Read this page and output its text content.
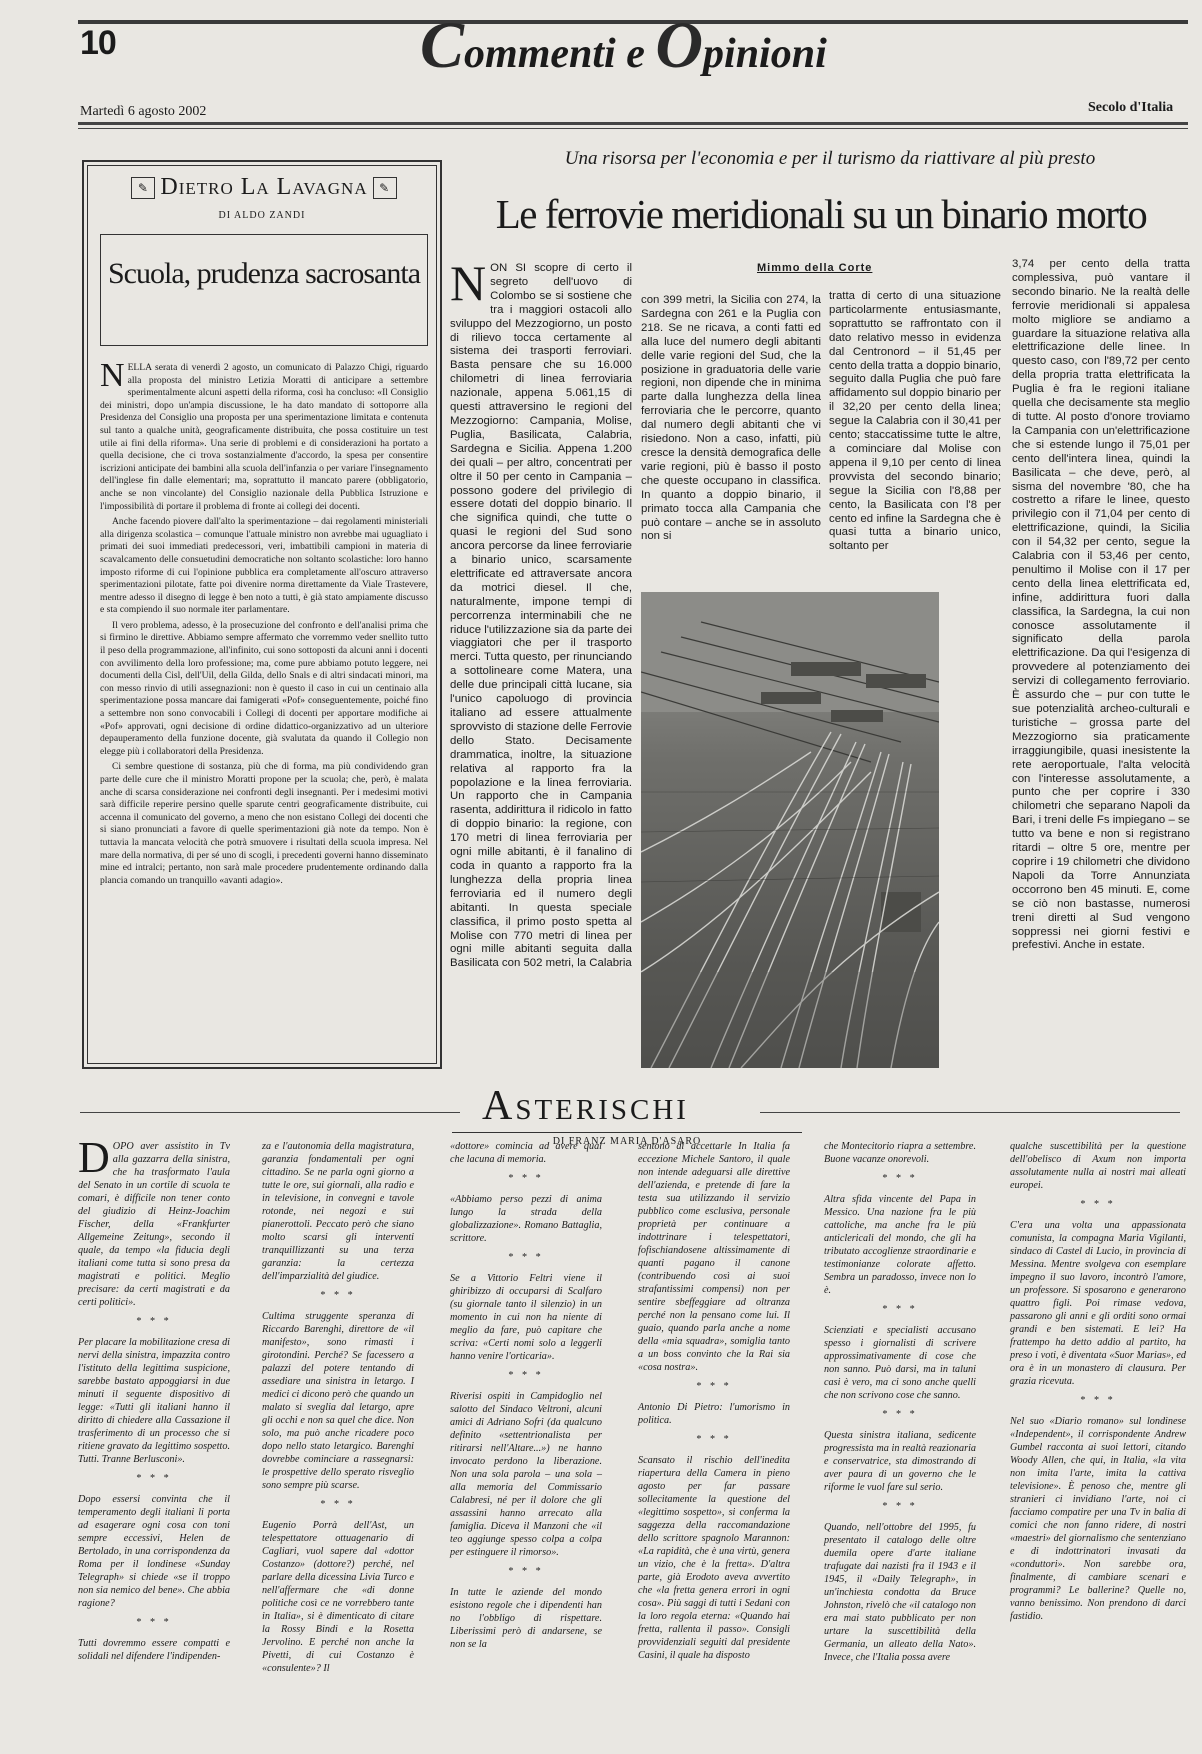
10	Commenti e Opinioni
Martedì 6 agosto 2002	Secolo d'Italia
✎ Dietro La Lavagna ✎
DI ALDO ZANDI
Scuola, prudenza sacrosanta

NELLA serata di venerdì 2 agosto, un comunicato di Palazzo Chigi, riguardo alla proposta del ministro Letizia Moratti di anticipare a settembre sperimentalmente alcuni aspetti della riforma, così ha concluso: «Il Consiglio dei ministri, dopo un'ampia discussione, le ha dato mandato di sottoporre alla Presidenza del Consiglio una proposta per una sperimentazione limitata e contenuta sul tanto a qualche unità, geograficamente distribuita, che possa costituire un test utile ai fini della riforma». Una serie di problemi e di considerazioni ha portato a quella decisione, che ci trova sostanzialmente d'accordo, la spesa per consentire iscrizioni anticipate dei bambini alla scuola dell'infanzia o per variare l'insegnamento dell'inglese fin dalle elementari; ma, soprattutto il mancato parere (obbligatorio, anche se non vincolante) del Consiglio nazionale della Pubblica Istruzione e l'impossibilità di portare il problema di fronte ai collegi dei docenti.

Anche facendo piovere dall'alto la sperimentazione – dai regolamenti ministeriali alla dirigenza scolastica – comunque l'attuale ministro non avrebbe mai uguagliato i primati dei suoi immediati predecessori, veri, imbattibili campioni in materia di scavalcamento delle consuetudini democratiche non soltanto scolastiche: loro hanno imposto riforme di cui l'opinione pubblica era completamente all'oscuro attraverso sperimentazioni pilotate, fatte poi divenire norma direttamente da Viale Trastevere, mentre adesso il disegno di legge è ben noto a tutti, è già stato ampiamente discusso e sta compiendo il suo normale iter parlamentare.

Il vero problema, adesso, è la prosecuzione del confronto e dell'analisi prima che si firmino le direttive. Abbiamo sempre affermato che vorremmo veder snellito tutto il peso della programmazione, all'infinito, cui sono sottoposti da alcuni anni i docenti con avvilimento della loro professione; ma, come pure abbiamo potuto leggere, nei documenti della Cisl, dell'Uil, della Gilda, dello Snals e di altri sindacati minori, ma con messo rinvio di utili assegnazioni: non è questo il caso in cui un centinaio alla sperimentazione possa mancare dai famigerati «Pof» conseguentemente, poiché fino a settembre non sono convocabili i Collegi di docenti per apportare modifiche ai «Pof» approvati, ogni decisione di ordine didattico-organizzativo ad un ulteriore depauperamento della funzione docente, già svalutata da quando il Collegio non elegge più i collaboratori della Presidenza.

Ci sembre questione di sostanza, più che di forma, ma più condividendo gran parte delle cure che il ministro Moratti propone per la scuola; che, però, è malata anche di scarsa considerazione nei confronti degli insegnanti. Per i medesimi motivi sarà difficile reperire persino quelle sparute centri geograficamente distribuite, cui accenna il comunicato del governo, a meno che non esistano Collegi dei docenti che si siano pronunciati a favore di quelle sperimentazioni già note da tempo. Non è tuttavia la mancata velocità che potrà smuovere i risultati della scuola impresa. Nel mare della normativa, di per sé uno di scogli, i precedenti governi hanno disseminato mine ed intralci; pertanto, non sarà male procedere prudentemente ordinando dalla plancia comando un tranquillo «avanti adagio».

Una risorsa per l'economia e per il turismo da riattivare al più presto
Le ferrovie meridionali su un binario morto
Mimmo della Corte

NON SI scopre di certo il segreto dell'uovo di Colombo se si sostiene che tra i maggiori ostacoli allo sviluppo del Mezzogiorno, un posto di rilievo tocca certamente al sistema dei trasporti ferroviari. Basta pensare che su 16.000 chilometri di linea ferroviaria nazionale, appena 5.061,15 di questi attraversino le regioni del Mezzogiorno: Campania, Molise, Puglia, Basilicata, Calabria, Sardegna e Sicilia. Appena 1.200 dei quali – per altro, concentrati per oltre il 50 per cento in Campania – possono godere del privilegio di essere dotati del doppio binario. Il che significa quindi, che tutte o quasi le regioni del Sud sono ancora percorse da linee ferroviarie a binario unico, scarsamente elettrificate ed attraversate ancora da motrici diesel. Il che, naturalmente, impone tempi di percorrenza interminabili che ne riduce l'utilizzazione sia da parte dei viaggiatori che per il trasporto merci. Tutta questo, per rinunciando a sottolineare come Matera, una delle due principali città lucane, sia l'unico capoluogo di provincia italiano ad essere attualmente sprovvisto di stazione delle Ferrovie dello Stato. Decisamente drammatica, inoltre, la situazione relativa al rapporto fra la popolazione e la linea ferroviaria. Un rapporto che in Campania rasenta, addirittura il ridicolo in fatto di doppio binario: la regione, con 170 metri di linea ferroviaria per ogni mille abitanti, è il fanalino di coda in quanto a rapporto fra la lunghezza della propria linea ferroviaria ed il numero degli abitanti. In questa speciale classifica, il primo posto spetta al Molise con 770 metri di linea per ogni mille abitanti seguita dalla Basilicata con 502 metri, la Calabria

con 399 metri, la Sicilia con 274, la Sardegna con 261 e la Puglia con 218. Se ne ricava, a conti fatti ed alla luce del numero degli abitanti delle varie regioni del Sud, che la posizione in graduatoria delle varie regioni, non dipende che in minima parte dalla lunghezza della linea ferroviaria che le percorre, quanto dal numero degli abitanti che vi risiedono. Non a caso, infatti, più cresce la densità demografica delle varie regioni, più è basso il posto che queste occupano in classifica. In quanto a doppio binario, il primato tocca alla Campania che può contare – anche se in assoluto non si

tratta di certo di una situazione particolarmente entusiasmante, soprattutto se raffrontato con il dato relativo messo in evidenza dal Centronord – il 51,45 per cento della tratta a doppio binario, seguito dalla Puglia che può fare affidamento sul doppio binario per il 32,20 per cento della linea; segue la Calabria con il 30,41 per cento; staccatissime tutte le altre, a cominciare dal Molise con appena il 9,10 per cento di linea provvista del secondo binario; segue la Sicilia con l'8,88 per cento, la Basilicata con l'8 per cento ed infine la Sardegna che è quasi tutta a binario unico, soltanto per

3,74 per cento della tratta complessiva, può vantare il secondo binario. Ne la realtà delle ferrovie meridionali si appalesa molto migliore se andiamo a guardare la situazione relativa alla elettrificazione delle linee. In questo caso, con l'89,72 per cento della propria tratta elettrificata la Puglia è fra le regioni italiane quella che decisamente sta meglio di tutte. Al posto d'onore troviamo la Campania con un'elettrificazione che si estende lungo il 75,01 per cento dell'intera linea, quindi la Basilicata – che deve, però, al sisma del novembre '80, che ha costretto a rifare le linee, questo privilegio con il 71,04 per cento di elettrificazione, quindi, la Sicilia con il 54,32 per cento, segue la Calabria con il 53,46 per cento, penultimo il Molise con il 17 per cento della linea elettrificata ed, infine, addirittura fuori dalla classifica, la Sardegna, la cui non conosce assolutamente il significato della parola elettrificazione. Da qui l'esigenza di provvedere al potenziamento dei servizi di collegamento ferroviario. È assurdo che – pur con tutte le sue potenzialità archeo-culturali e turistiche – grossa parte del Mezzogiorno sia praticamente irraggiungibile, quasi inesistente la rete aeroportuale, l'alta velocità con l'interesse assolutamente, a punto che per coprire i 330 chilometri che separano Napoli da Bari, i treni delle Fs impiegano – se tutto va bene e non si registrano ritardi – oltre 5 ore, mentre per coprire i 19 chilometri che dividono Napoli da Torre Annunziata occorrono ben 45 minuti. E, come se ciò non bastasse, numerosi treni diretti al Sud vengono soppressi nei giorni festivi e prefestivi. Anche in estate.

Asterischi
DI FRANZ MARIA D'ASARO

DOPO aver assistito in Tv alla gazzarra della sinistra, che ha trasformato l'aula del Senato in un cortile di scuola te comari, è difficile non tener conto del giudizio di Heinz-Joachim Fischer, della «Frankfurter Allgemeine Zeitung», secondo il quale, da tempo «la fiducia degli italiani come tutta si sono presa da magistrati e politici. Meglio precisare: da certi magistrati e da certi politici».

* * *

Per placare la mobilitazione cresa di nervi della sinistra, impazzita contro l'istituto della legittima suspicione, sarebbe bastato appoggiarsi in due minuti il seguente dispositivo di legge: «Tutti gli italiani hanno il diritto di chiedere alla Cassazione il trasferimento di un processo che si ritiene gravato da legittimo sospetto. Tutti. Tranne Berlusconi».

* * *

Dopo essersi convinta che il temperamento degli italiani li porta ad esagerare ogni cosa con toni sempre eccessivi, Helen de Bertolado, in una corrispondenza da Roma per il londinese «Sunday Telegraph» si chiede «se il troppo non sia nemico del bene». Che abbia ragione?

* * *

Tutti dovremmo essere compatti e solidali nel difendere l'indipenden-

za e l'autonomia della magistratura, garanzia fondamentali per ogni cittadino. Se ne parla ogni giorno a tutte le ore, sui giornali, alla radio e in televisione, in convegni e tavole rotonde, nei negozi e sui pianerottoli. Peccato però che siano molto scarsi gli interventi tranquillizzanti su una terza garanzia: la certezza dell'imparzialità del giudice.

* * *

Cultima struggente speranza di Riccardo Barenghi, direttore de «il manifesto», sono rimasti i girotondini. Perché? Se facessero a palazzi del potere tentando di assediare una sinistra in letargo. I medici ci dicono però che quando un malato si sveglia dal letargo, apre gli occhi e non sa quel che dice. Non solo, ma può anche ricadere poco dopo nello stato letargico. Barenghi dovrebbe cominciare a rassegnarsi: le prospettive dello sperato risveglio sono sempre più scarse.

* * *

Eugenio Porrà dell'Ast, un telespettatore ottuagenario di Cagliari, vuol sapere dal «dottor Costanzo» (dottore?) perché, nel parlare della dicessina Livia Turco e nell'affermare che «di donne politiche così ce ne vorrebbero tante in Italia», si è dimenticato di citare la Rossy Bindi e la Rosetta Jervolino. E perché non anche la Pivetti, di cui Costanzo è «consulente»? Il

«dottore» comincia ad avere qual che lacuna di memoria.

* * *

«Abbiamo perso pezzi di anima lungo la strada della globalizzazione». Romano Battaglia, scrittore.

* * *

Se a Vittorio Feltri viene il ghiribizzo di occuparsi di Scalfaro (su giornale tanto il silenzio) in un momento in cui non ha niente di meglio da fare, può capitare che scriva: «Certi nomi solo a leggerli hanno venire l'orticaria».

* * *

Riverisi ospiti in Campidoglio nel salotto del Sindaco Veltroni, alcuni amici di Adriano Sofri (da qualcuno definito «settentrionalista per ritirarsi nell'Altare...») ne hanno invocato perdono la liberazione. Non una sola parola – una sola – alla memoria del Commissario Calabresi, né per il dolore che gli assassini hanno arrecato alla famiglia. Diceva il Manzoni che «il teo aggiunge spesso colpa a colpa per estinguere il rimorso».

* * *

In tutte le aziende del mondo esistono regole che i dipendenti han no l'obbligo di rispettare. Liberissimi però di andarsene, se non se la

sentono di accettarle In Italia fa eccezione Michele Santoro, il quale non intende adeguarsi alle direttive dell'azienda, e pretende di fare la testa sua utilizzando il servizio pubblico come esclusiva, personale proprietà per continuare a indottrinare i telespettatori, fofischiandosene altissimamente di quanti pagano il canone (contribuendo così ai suoi strafantissimi compensi) non per sentire sbeffeggiare ad oltranza perché non la pensano come lui. Il guaio, quando parla anche a nome della «mia squadra», somiglia tanto a un boss convinto che la Rai sia «cosa nostra».

* * *

Antonio Di Pietro: l'umorismo in politica.

* * *

Scansato il rischio dell'inedita riapertura della Camera in pieno agosto per far passare sollecitamente la questione del «legittimo sospetto», si conferma la saggezza della raccomandazione dello scrittore spagnolo Marannon: «La rapidità, che è una virtù, genera un vizio, che è la fretta». D'altra parte, già Erodoto aveva avvertito che «la fretta genera errori in ogni cosa». Più saggi di tutti i Sedani con la loro regola eterna: «Quando hai fretta, rallenta il passo». Consigli provvidenziali seguiti dal presidente Casini, il quale ha disposto

che Montecitorio riapra a settembre. Buone vacanze onorevoli.

* * *

Altra sfida vincente del Papa in Messico. Una nazione fra le più cattoliche, ma anche fra le più anticlericali del mondo, che gli ha tributato accoglienze straordinarie e testimonianze colorate affetto. Sembra un paradosso, invece non lo è.

* * *

Scienziati e specialisti accusano spesso i giornalisti di scrivere approssimativamente di cose che non sanno. Può darsi, ma in taluni casi è vero, ma ci sono anche quelli che non scrivono cose che sanno.

* * *

Questa sinistra italiana, sedicente progressista ma in realtà reazionaria e conservatrice, sta dimostrando di aver paura di un governo che le riforme le vuol fare sul serio.

* * *

Quando, nell'ottobre del 1995, fu presentato il catalogo delle oltre duemila opere d'arte italiane trafugate dai nazisti fra il 1943 e il 1945, il «Daily Telegraph», in un'inchiesta condotta da Bruce Johnston, rivelò che «il catalogo non era mai stato pubblicato per non urtare la suscettibilità della Germania, un alleato della Nato». Invece, che l'Italia possa avere

qualche suscettibilità per la questione dell'obelisco di Axum non importa assolutamente nulla ai nostri mai alleati europei.

* * *

C'era una volta una appassionata comunista, la compagna Maria Vigilanti, sindaco di Castel di Lucio, in provincia di Messina. Mentre svolgeva con esemplare impegno il suo lavoro, incontrò l'amore, un professore. Si sposarono e generarono quattro figli. Poi rimase vedova, passarono gli anni e gli orditi sono ormai grandi e ben sistemati. E lei? Ha frattempo ha detto addio al partito, ha preso i voti, è diventata «Suor Marias», ed ora è in un monastero di clausura. Per grazia ricevuta.

* * *

Nel suo «Diario romano» sul londinese «Independent», il corrispondente Andrew Gumbel racconta ai suoi lettori, citando Woody Allen, che qui, in Italia, «la vita non imita l'arte, imita la cattiva televisione». È penoso che, mentre gli stranieri ci invidiano l'arte, noi ci facciamo compatire per una Tv in balia di comici che non fanno ridere, di nostri «maestri» del giornalismo che sentenziano e di indottrinatori invasati da «conduttori». Non sarebbe ora, finalmente, di cambiare scenari e programmi? Le ballerine? Quelle no, vanno benissimo. Non prendono di darci fastidio.
